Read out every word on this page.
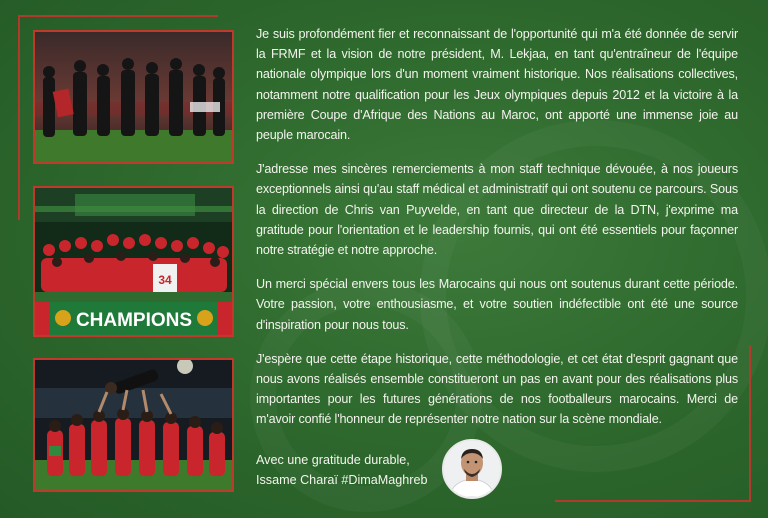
34
CHAMPIONS

Je suis profondément fier et reconnaissant de l'opportunité qui m'a été donnée de servir la FRMF et la vision de notre président, M. Lekjaa, en tant qu'entraîneur de l'équipe nationale olympique lors d'un moment vraiment historique. Nos réalisations collectives, notamment notre qualification pour les Jeux olympiques depuis 2012 et la victoire à la première Coupe d'Afrique des Nations au Maroc, ont apporté une immense joie au peuple marocain.

J'adresse mes sincères remerciements à mon staff technique dévouée, à nos joueurs exceptionnels ainsi qu'au staff médical et administratif qui ont soutenu ce parcours. Sous la direction de Chris van Puyvelde, en tant que directeur de la DTN, j'exprime ma gratitude pour l'orientation et le leadership fournis, qui ont été essentiels pour façonner notre stratégie et notre approche.

Un merci spécial envers tous les Marocains qui nous ont soutenus durant cette période. Votre passion, votre enthousiasme, et votre soutien indéfectible ont été une source d'inspiration pour nous tous.

J'espère que cette étape historique, cette méthodologie, et cet état d'esprit gagnant que nous avons réalisés ensemble constitueront un pas en avant pour des réalisations plus importantes pour les futures générations de nos footballeurs marocains. Merci de m'avoir confié l'honneur de représenter notre nation sur la scène mondiale.

Avec une gratitude durable,
Issame Charaï #DimaMaghreb
